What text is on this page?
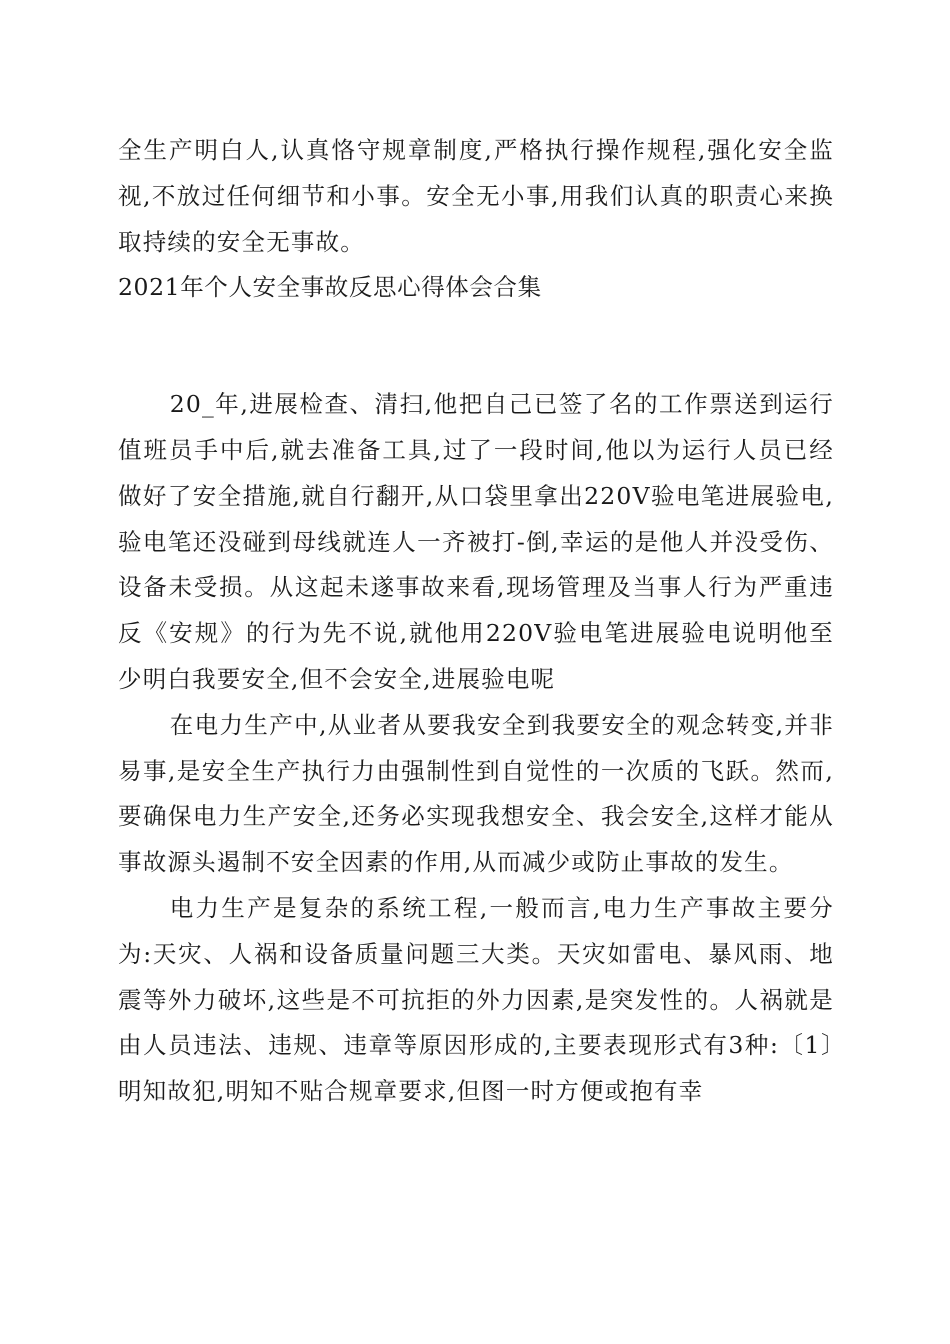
全生产明白人,认真恪守规章制度,严格执行操作规程,强化安全监视,不放过任何细节和小事。安全无小事,用我们认真的职责心来换取持续的安全无事故。

2021年个人安全事故反思心得体会合集

20_年,进展检查、清扫,他把自己已签了名的工作票送到运行值班员手中后,就去准备工具,过了一段时间,他以为运行人员已经做好了安全措施,就自行翻开,从口袋里拿出220V验电笔进展验电,验电笔还没碰到母线就连人一齐被打-倒,幸运的是他人并没受伤、设备未受损。从这起未遂事故来看,现场管理及当事人行为严重违反《安规》的行为先不说,就他用220V验电笔进展验电说明他至少明白我要安全,但不会安全,进展验电呢

在电力生产中,从业者从要我安全到我要安全的观念转变,并非易事,是安全生产执行力由强制性到自觉性的一次质的飞跃。然而,要确保电力生产安全,还务必实现我想安全、我会安全,这样才能从事故源头遏制不安全因素的作用,从而减少或防止事故的发生。

电力生产是复杂的系统工程,一般而言,电力生产事故主要分为:天灾、人祸和设备质量问题三大类。天灾如雷电、暴风雨、地震等外力破坏,这些是不可抗拒的外力因素,是突发性的。人祸就是由人员违法、违规、违章等原因形成的,主要表现形式有3种:〔1〕明知故犯,明知不贴合规章要求,但图一时方便或抱有幸
